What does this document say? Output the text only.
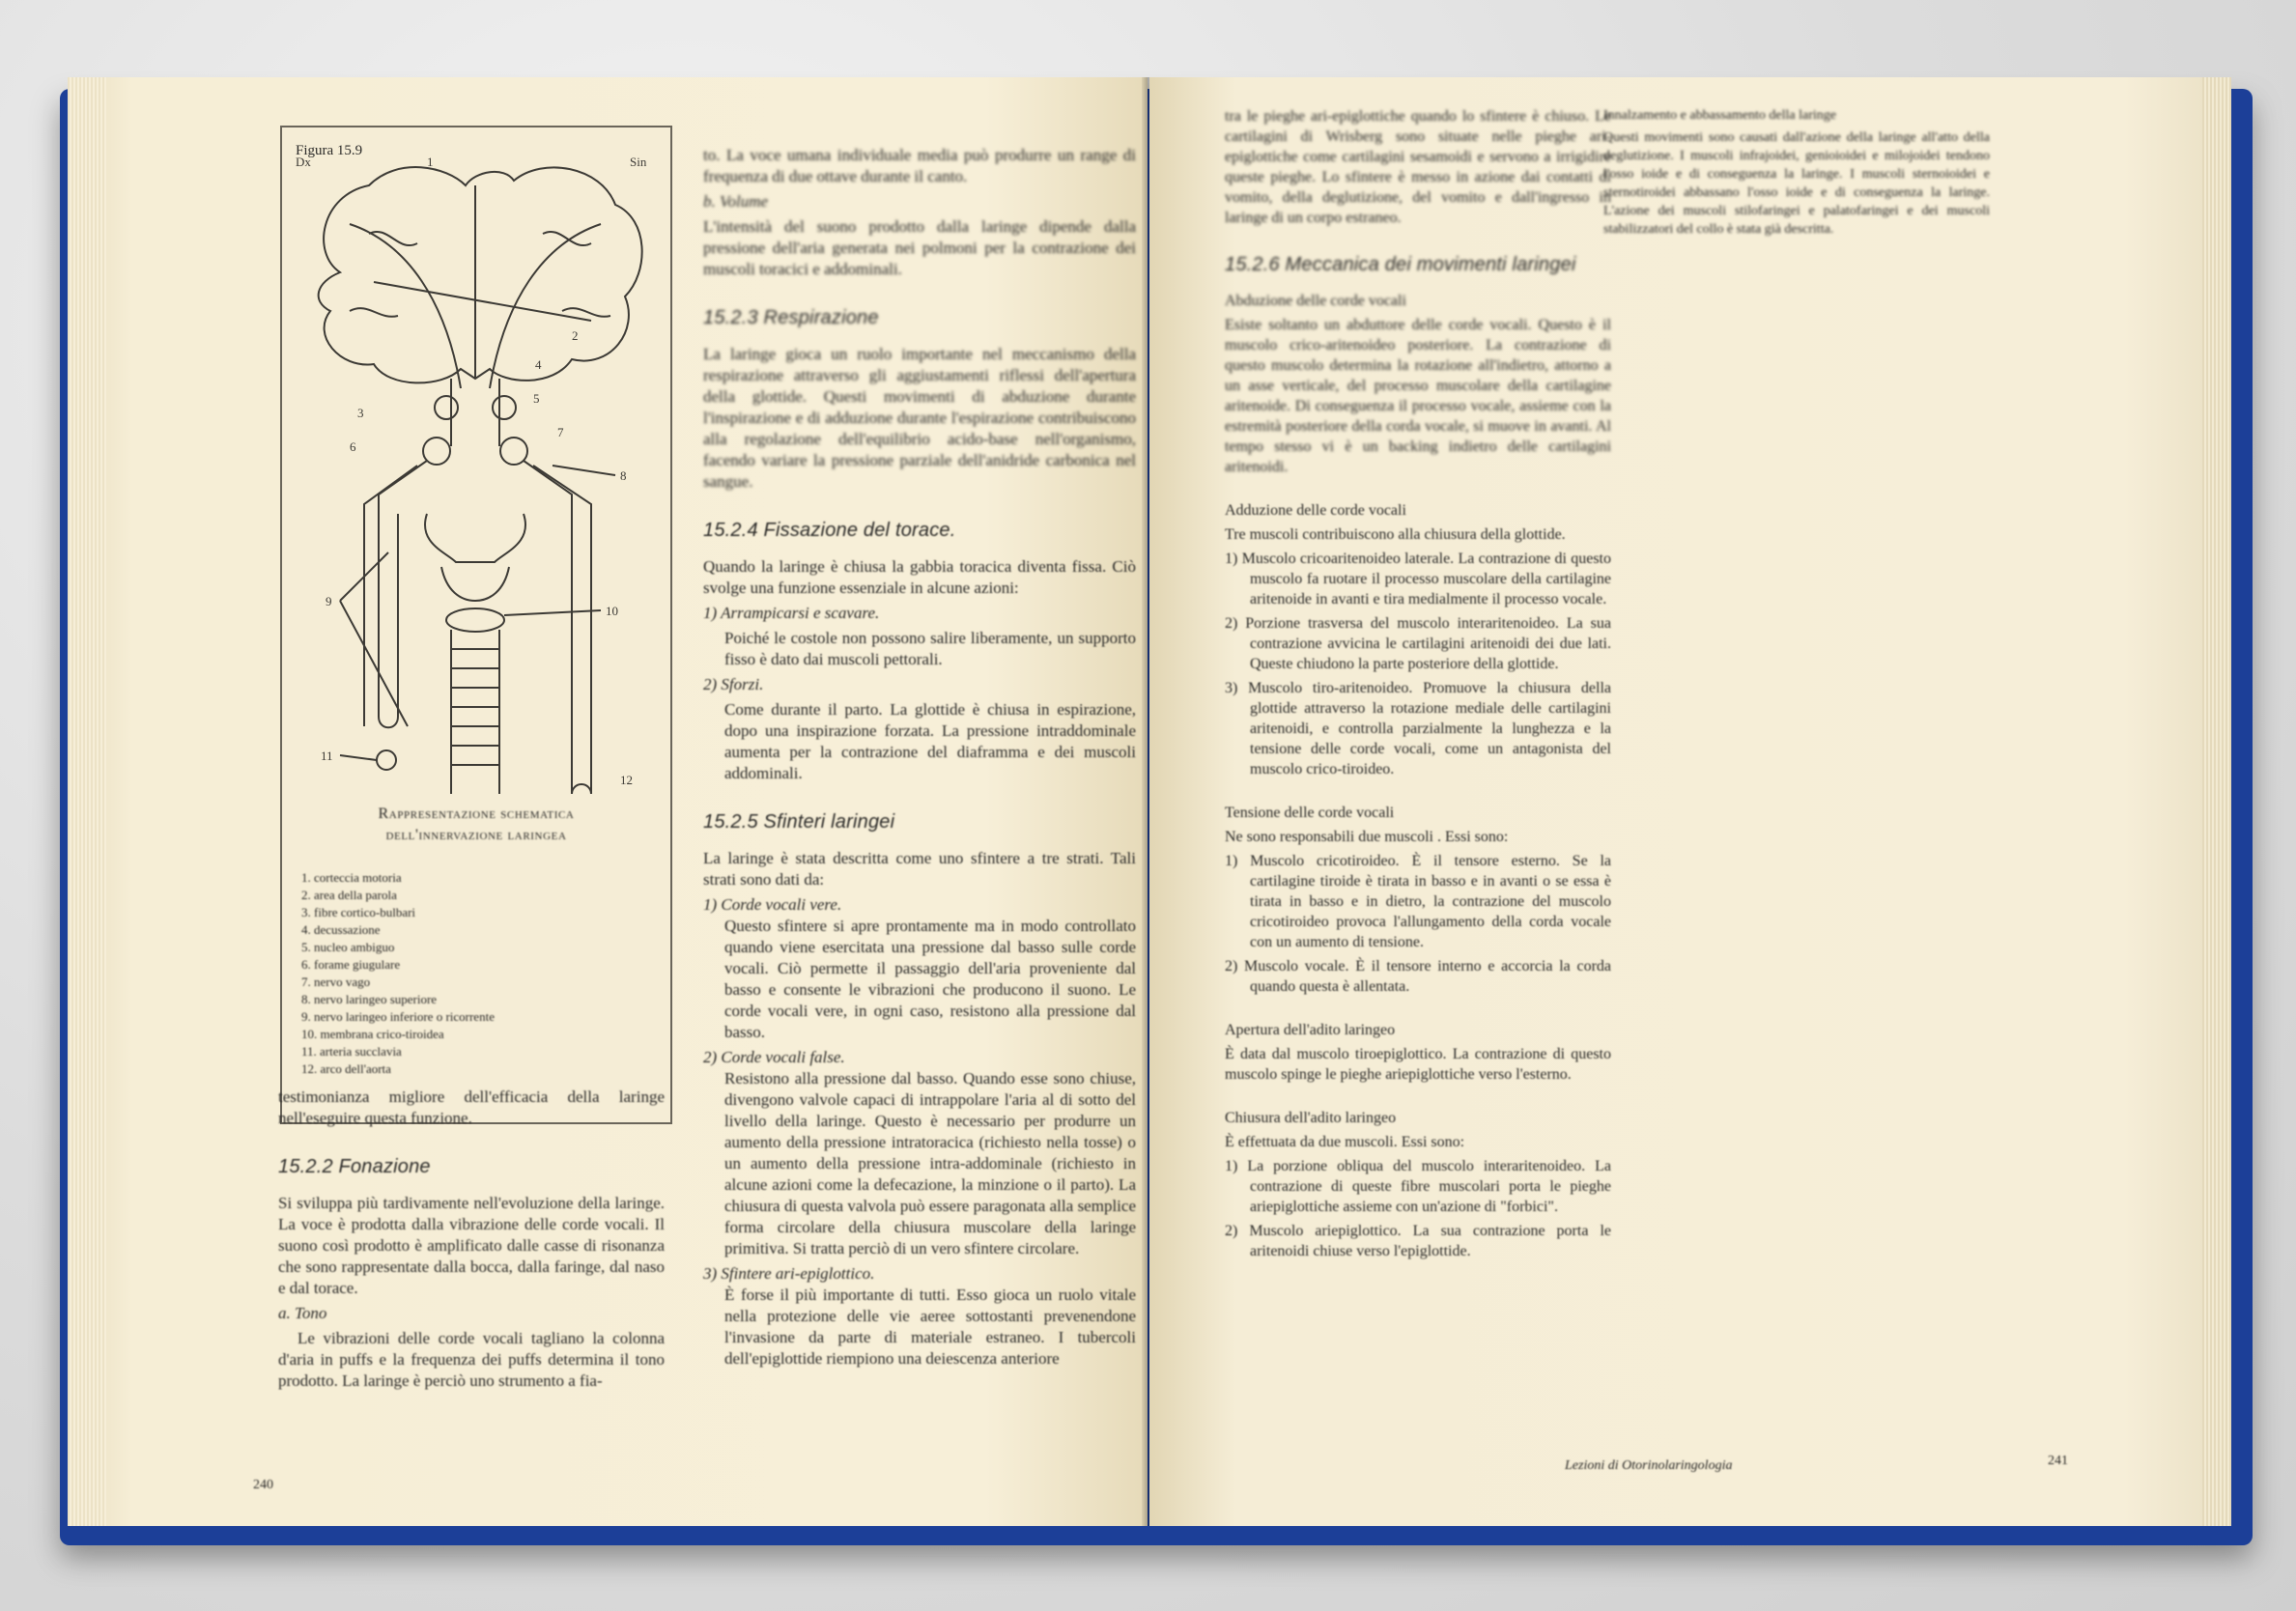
Figura 15.9
Dx	Sin
1
2
3
4
5
6
7
8
9
10
11
12
Rappresentazione schematica
dell'innervazione laringea
1. corteccia motoria
2. area della parola
3. fibre cortico-bulbari
4. decussazione
5. nucleo ambiguo
6. forame giugulare
7. nervo vago
8. nervo laringeo superiore
9. nervo laringeo inferiore o ricorrente
10. membrana crico-tiroidea
11. arteria succlavia
12. arco dell'aorta

testimonianza migliore dell'efficacia della laringe nell'eseguire questa funzione.

15.2.2 Fonazione

Si sviluppa più tardivamente nell'evoluzione della laringe. La voce è prodotta dalla vibrazione delle corde vocali. Il suono così prodotto è amplificato dalle casse di risonanza che sono rappresentate dalla bocca, dalla faringe, dal naso e dal torace.

a. Tono

Le vibrazioni delle corde vocali tagliano la colonna d'aria in puffs e la frequenza dei puffs determina il tono prodotto. La laringe è perciò uno strumento a fia-

to. La voce umana individuale media può produrre un range di frequenza di due ottave durante il canto.

b. Volume

L'intensità del suono prodotto dalla laringe dipende dalla pressione dell'aria generata nei polmoni per la contrazione dei muscoli toracici e addominali.

15.2.3 Respirazione

La laringe gioca un ruolo importante nel meccanismo della respirazione attraverso gli aggiustamenti riflessi dell'apertura della glottide. Questi movimenti di abduzione durante l'inspirazione e di adduzione durante l'espirazione contribuiscono alla regolazione dell'equilibrio acido-base nell'organismo, facendo variare la pressione parziale dell'anidride carbonica nel sangue.

15.2.4 Fissazione del torace.

Quando la laringe è chiusa la gabbia toracica diventa fissa. Ciò svolge una funzione essenziale in alcune azioni:

1) Arrampicarsi e scavare.

Poiché le costole non possono salire liberamente, un supporto fisso è dato dai muscoli pettorali.

2) Sforzi.

Come durante il parto. La glottide è chiusa in espirazione, dopo una inspirazione forzata. La pressione intraddominale aumenta per la contrazione del diaframma e dei muscoli addominali.

15.2.5 Sfinteri laringei

La laringe è stata descritta come uno sfintere a tre strati. Tali strati sono dati da:

1) Corde vocali vere.

Questo sfintere si apre prontamente ma in modo controllato quando viene esercitata una pressione dal basso sulle corde vocali. Ciò permette il passaggio dell'aria proveniente dal basso e consente le vibrazioni che producono il suono. Le corde vocali vere, in ogni caso, resistono alla pressione dal basso.

2) Corde vocali false.

Resistono alla pressione dal basso. Quando esse sono chiuse, divengono valvole capaci di intrappolare l'aria al di sotto del livello della laringe. Questo è necessario per produrre un aumento della pressione intratoracica (richiesto nella tosse) o un aumento della pressione intra-addominale (richiesto in alcune azioni come la defecazione, la minzione o il parto). La chiusura di questa valvola può essere paragonata alla semplice forma circolare della chiusura muscolare della laringe primitiva. Si tratta perciò di un vero sfintere circolare.

3) Sfintere ari-epiglottico.

È forse il più importante di tutti. Esso gioca un ruolo vitale nella protezione delle vie aeree sottostanti prevenendone l'invasione da parte di materiale estraneo. I tubercoli dell'epiglottide riempiono una deiescenza anteriore

240

tra le pieghe ari-epiglottiche quando lo sfintere è chiuso. Le cartilagini di Wrisberg sono situate nelle pieghe ari-epiglottiche come cartilagini sesamoidi e servono a irrigidire queste pieghe. Lo sfintere è messo in azione dai contatti di vomito, della deglutizione, del vomito e dall'ingresso in laringe di un corpo estraneo.

15.2.6 Meccanica dei movimenti laringei

Abduzione delle corde vocali

Esiste soltanto un abduttore delle corde vocali. Questo è il muscolo crico-aritenoideo posteriore. La contrazione di questo muscolo determina la rotazione all'indietro, attorno a un asse verticale, del processo muscolare della cartilagine aritenoide. Di conseguenza il processo vocale, assieme con la estremità posteriore della corda vocale, si muove in avanti. Al tempo stesso vi è un backing indietro delle cartilagini aritenoidi.

Adduzione delle corde vocali

Tre muscoli contribuiscono alla chiusura della glottide.

1) Muscolo cricoaritenoideo laterale. La contrazione di questo muscolo fa ruotare il processo muscolare della cartilagine aritenoide in avanti e tira medialmente il processo vocale.

2) Porzione trasversa del muscolo interaritenoideo. La sua contrazione avvicina le cartilagini aritenoidi dei due lati. Queste chiudono la parte posteriore della glottide.

3) Muscolo tiro-aritenoideo. Promuove la chiusura della glottide attraverso la rotazione mediale delle cartilagini aritenoidi, e controlla parzialmente la lunghezza e la tensione delle corde vocali, come un antagonista del muscolo crico-tiroideo.

Tensione delle corde vocali

Ne sono responsabili due muscoli . Essi sono:

1) Muscolo cricotiroideo. È il tensore esterno. Se la cartilagine tiroide è tirata in basso e in avanti o se essa è tirata in basso e in dietro, la contrazione del muscolo cricotiroideo provoca l'allungamento della corda vocale con un aumento di tensione.

2) Muscolo vocale. È il tensore interno e accorcia la corda quando questa è allentata.

Apertura dell'adito laringeo

È data dal muscolo tiroepiglottico. La contrazione di questo muscolo spinge le pieghe ariepiglottiche verso l'esterno.

Chiusura dell'adito laringeo

È effettuata da due muscoli. Essi sono:

1) La porzione obliqua del muscolo interaritenoideo. La contrazione di queste fibre muscolari porta le pieghe ariepiglottiche assieme con un'azione di "forbici".

2) Muscolo ariepiglottico. La sua contrazione porta le aritenoidi chiuse verso l'epiglottide.

Innalzamento e abbassamento della laringe

Questi movimenti sono causati dall'azione della laringe all'atto della deglutizione. I muscoli infrajoidei, genioioidei e milojoidei tendono l'osso ioide e di conseguenza la laringe. I muscoli sternoioidei e sternotiroidei abbassano l'osso ioide e di conseguenza la laringe. L'azione dei muscoli stilofaringei e palatofaringei e dei muscoli stabilizzatori del collo è stata già descritta.

Lezioni di Otorinolaringologia	241
